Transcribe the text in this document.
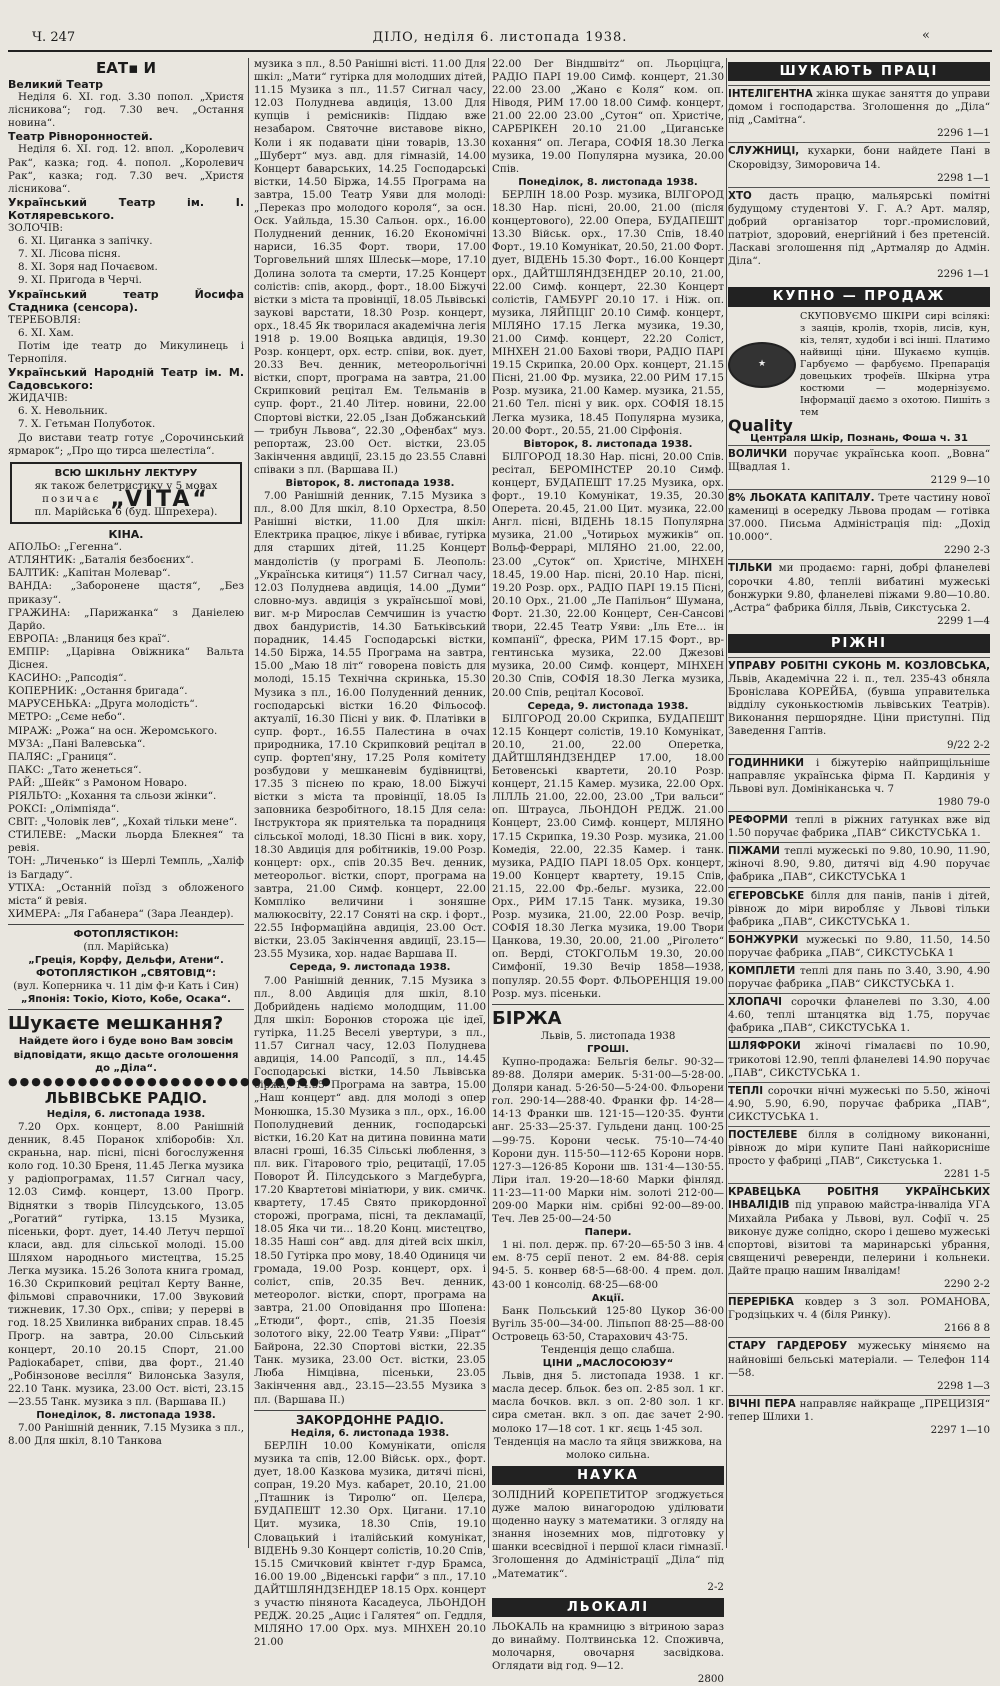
Ч. 247	ДІЛО, неділя 6. листопада 1938.	«
ЕАТ▪ И
Великий Театр
Неділя 6. XI. год. 3.30 попол. „Христя лісникова“; год. 7.30 веч. „Остання новина“.
Театр Рівноронностей.
Неділя 6. XI. год. 12. впол. „Королевич Рак“, казка; год. 4. попол. „Королевич Рак“, казка; год. 7.30 веч. „Христя лісникова“.
Український Театр ім. І. Котляревського.
ЗОЛОЧІВ:
6. XI. Циганка з запічку.
7. XI. Лісова пісня.
8. XI. Зоря над Почаєвом.
9. XI. Пригода в Черчі.
Український театр Йосифа Стадника (сенсора).
ТЕРЕБОВЛЯ:
6. XI. Хам.
Потім іде театр до Микулинець і Тернопіля.
Український Народній Театр ім. М. Садовського:
ЖИДАЧІВ:
6. X. Невольник.
7. X. Гетьман Полуботок.
До вистави театр готує „Сорочинський ярмарок“; „Про що тирса шелестіла“.
ВСЮ ШКІЛЬНУ ЛЕКТУРУ
як також белетристику у 5 мовах
позичає „VITA“
пл. Марійська 6 (буд. Шпрехера).
КІНА.
АПОЛЬО: „Гегенна“.
АТЛЯНТИК: „Баталія безбоєних“.
БАЛТИК: „Капітан Молевар“.
ВАНДА: „Заборонене щастя“, „Без приказу“.
ГРАЖИНА: „Парижанка“ з Даніелею Дарйо.
ЕВРОПА: „Вланиця без краї“.
ЕМПІР: „Царівна Овіжника“ Вальта Діснея.
КАСИНО: „Рапсодія“.
КОПЕРНИК: „Остання бригада“.
МАРУСЕНЬКА: „Друга молодість“.
МЕТРО: „Сєме небо“.
МІРАЖ: „Рожа“ на осн. Жеромського.
МУЗА: „Пані Валевська“.
ПАЛЯС: „Границя“.
ПАКС: „Тато женеться“.
РАЙ: „Шейк“ з Рамоном Новаро.
РІЯЛЬТО: „Кохання та сльози жінки“.
РОКСІ: „Олімпіяда“.
СВІТ: „Чоловік лев“, „Кохай тільки мене“.
СТИЛЕВЕ: „Маски льорда Блекнея“ та ревія.
ТОН: „Личенько“ із Шерлі Темпль, „Халіф із Багдаду“.
УТІХА: „Останній поїзд з обложеного міста“ й ревія.
ХИМЕРА: „Ля Габанера“ (Зара Леандер).
ФОТОПЛЯСТІКОН:
(пл. Марійська)
„Греція, Корфу, Дельфи, Атени“.
ФОТОПЛЯСТІКОН „СВЯТОВІД“:
(вул. Коперника ч. 11 дім ф-и Кать і Син)
„Японія: Токіо, Кіото, Кобе, Осака“.
Шукаєте мешкання?
Найдете його і буде воно Вам зовсім відповідати, якщо дасьте оголошення до „Діла“.
●●●●●●●●●●●●●●●●●●●●●●●●●●●●
ЛЬВІВСЬКЕ РАДІО.
Неділя, 6. листопада 1938.
7.20 Орх. концерт, 8.00 Ранішній денник, 8.45 Поранок хліборобів: Хл. скраньна, нар. пісні, пісні богослуження коло год. 10.30 Бреня, 11.45 Легка музика у радіопрограмах, 11.57 Сигнал часу, 12.03 Симф. концерт, 13.00 Прогр. Віднятки з творів Пілсудського, 13.05 „Рогатий“ гутірка, 13.15 Музика, пісеньки, форт. дует, 14.40 Летуч першої класи, авд. для сільської молоді. 15.00 Шляхом народнього мистецтва, 15.25 Легка музика. 15.26 Золота книга громад, 16.30 Скрипковий рецітал Керту Ванне, фільмові справочники, 17.00 Звуковий тижневик, 17.30 Орх., співи; у перерві в год. 18.25 Хвилинка вибраних справ. 18.45 Прогр. на завтра, 20.00 Сільський концерт, 20.10 20.15 Спорт, 21.00 Радіокабарет, співи, два форт., 21.40 „Робінзонове весілля“ Вилонська Зазуля, 22.10 Танк. музика, 23.00 Ост. вісті, 23.15—23.55 Танк. музика з пл. (Варшава II.)
Понеділок, 8. листопада 1938.
7.00 Ранішній денник, 7.15 Музика з пл., 8.00 Для шкіл, 8.10 Танкова

музика з пл., 8.50 Ранішні вісті. 11.00 Для шкіл: „Мати“ гутірка для молодших дітей, 11.15 Музика з пл., 11.57 Сигнал часу, 12.03 Полуднева авдиція, 13.00 Для купців і ремісників: Піддаю вже незабаром. Святочне виставове вікно, Коли і як подавати ціни товарів, 13.30 „Шуберт“ муз. авд. для гімназій, 14.00 Концерт баварських, 14.25 Господарські вістки, 14.50 Біржа, 14.55 Програма на завтра, 15.00 Театр Уяви для молоді: „Переказ про молодого короля“, за осн. Оск. Уайльда, 15.30 Сальон. орх., 16.00 Полуднений денник, 16.20 Економічні нариси, 16.35 Форт. твори, 17.00 Торговельний шлях Шлеськ—море, 17.10 Долина золота та смерти, 17.25 Концерт солістів: спів, акорд., форт., 18.00 Біжучі вістки з міста та провінції, 18.05 Львівські заукові варстати, 18.30 Розр. концерт, орх., 18.45 Як творилася академічна легія 1918 р. 19.00 Вояцька авдиція, 19.30 Розр. концерт, орх. естр. співи, вок. дует, 20.33 Веч. денник, метеорольогічні вістки, спорт, програма на завтра, 21.00 Скрипковий рецітал Ем. Тельманів в супр. форт., 21.40 Літер. новини, 22.00 Спортові вістки, 22.05 „Ізан Добжанський — трибун Львова“, 22.30 „Офенбах“ муз. репортаж, 23.00 Ост. вістки, 23.05 Закінчення авдиції, 23.15 до 23.55 Славні співаки з пл. (Варшава II.)

Вівторок, 8. листопада 1938.

7.00 Ранішній денник, 7.15 Музика з пл., 8.00 Для шкіл, 8.10 Орхестра, 8.50 Ранішні вістки, 11.00 Для шкіл: Електрика працює, лікує і вбиває, гутірка для старших дітей, 11.25 Концерт мандолістів (у програмі Б. Леополь: „Українська китиця“) 11.57 Сигнал часу, 12.03 Полуднева авдиція, 14.00 „Думи“ словно-муз. авдиція з українсьшої мові, виг. м-р Мирослав Семчишин із участю двох бандуристів, 14.30 Батьківський порадник, 14.45 Господарські вістки, 14.50 Біржа, 14.55 Програма на завтра, 15.00 „Маю 18 літ“ говорена повість для молоді, 15.15 Технічна скринька, 15.30 Музика з пл., 16.00 Полуденний денник, господарські вістки 16.20 Фільософ. актуалії, 16.30 Пісні у вик. Ф. Платівки в супр. форт., 16.55 Палестина в очах природника, 17.10 Скрипковий рецітал в супр. фортеп'яну, 17.25 Роля комітету розбудови у мешканевім будівництві, 17.35 З піснею по краю, 18.00 Біжучі вістки з міста та провінції, 18.05 Із заповника безробітного, 18.15 Для села: Інструктора як приятелька та порадниця сільської молоді, 18.30 Пісні в вик. хору, 18.30 Авдиція для робітників, 19.00 Розр. концерт: орх., спів 20.35 Веч. денник, метеорольог. вістки, спорт, програма на завтра, 21.00 Симф. концерт, 22.00 Компліко величини і зоняшне малюкосвіту, 22.17 Соняті на скр. і форт., 22.55 Інформаційна авдиція, 23.00 Ост. вістки, 23.05 Закінчення авдиції, 23.15—23.55 Музика, хор. надає Варшава II.

Середа, 9. листопада 1938.

7.00 Ранішній денник, 7.15 Музика з пл., 8.00 Авдиція для шкіл, 8.10 Добрийдень надіємо молодщим, 11.00 Для шкіл: Боронюв сторожа ціє ідеї, гутірка, 11.25 Веселі увертури, з пл., 11.57 Сигнал часу, 12.03 Полуднева авдиція, 14.00 Рапсодії, з пл., 14.45 Господарські вістки, 14.50 Львівська біржа, 14.55 Програма на завтра, 15.00 „Наш концерт“ авд. для молоді з опер Монюшка, 15.30 Музика з пл., орх., 16.00 Пополудневий денник, господарські вістки, 16.20 Кат на дитина повинна мати власні грошi, 16.35 Сільські люблення, з пл. вик. Гітарового тріо, рецитації, 17.05 Поворот Й. Пілсудського з Магдебурга, 17.20 Квартетові мініатюри, у вик. смичк. квартету, 17.45 Свято прикордонної сторожі, програма, пісні, та декламації, 18.05 Яка чи ти... 18.20 Конц. мистецтво, 18.35 Наші сон“ авд. для дітей всіх шкіл, 18.50 Гутірка про мову, 18.40 Одиниця чи громада, 19.00 Розр. концерт, орх. і соліст, спів, 20.35 Веч. денник, метеоролог. вістки, спорт, програма на завтра, 21.00 Оповідання про Шопена: „Етюди“, форт., спів, 21.35 Поезія золотого віку, 22.00 Театр Уяви: „Пірат“ Байрона, 22.30 Спортові вістки, 22.35 Танк. музика, 23.00 Ост. вістки, 23.05 Люба Німцівна, пісеньки, 23.05 Закінчення авд., 23.15—23.55 Музика з пл. (Варшава II.)

ЗАКОРДОННЕ РАДІО.
Неділя, 6. листопада 1938.

БЕРЛІН 10.00 Комунікати, опісля музика та спів, 12.00 Військ. орх., форт. дует, 18.00 Казкова музика, дитячі пісні, сопран, 19.20 Муз. кабарет, 20.10, 21.00 „Пташник із Тиролю“ оп. Целєра, БУДАПЕШТ 12.30 Орх. Цигани. 17.10 Цит. музика, 18.30 Спів, 19.10 Словацький і італійський комунікат, ВІДЕНЬ 9.30 Концерт солістів, 10.20 Спів, 15.15 Смичковий квінтет г-дур Брамса, 16.00 19.00 „Віденські гарфи“ з пл., 17.10 ДАЙТШЛЯНДЗЕНДЕР 18.15 Орх. концерт з участю пінянота Касадеуса, ЛЬОНДОН РЕДЖ. 20.25 „Ацис і Галятея“ оп. Геддля, МІЛЯНО 17.00 Орх. муз. МІНХЕН 20.10 21.00

22.00 Der Віндшвітz“ оп. Льорціцга, РАДІО ПАРІ 19.00 Симф. концерт, 21.30 22.00 23.00 „Жано є Коля“ ком. оп. Ніводя, РИМ 17.00 18.00 Симф. концерт, 21.00 22.00 23.00 „Сутон“ оп. Христіче, САРБРІКЕН 20.10 21.00 „Циганське кохання“ оп. Легара, СОФІЯ 18.30 Легка музика, 19.00 Популярна музика, 20.00 Спів.

Понеділок, 8. листопада 1938.

БЕРЛІН 18.00 Розр. музика, ВІЛГОРОД 18.30 Нар. пісні, 20.00, 21.00 (після концертового), 22.00 Опера, БУДАПЕШТ 13.30 Військ. орх., 17.30 Спів, 18.40 Форт., 19.10 Комунікат, 20.50, 21.00 Форт. дует, ВІДЕНЬ 15.30 Форт., 16.00 Концерт орх., ДАЙТШЛЯНДЗЕНДЕР 20.10, 21.00, 22.00 Симф. концерт, 22.30 Концерт солістів, ГАМБУРГ 20.10 17. і Ніж. оп. музика, ЛЯЙПЦІГ 20.10 Симф. концерт, МІЛЯНО 17.15 Легка музика, 19.30, 21.00 Симф. концерт, 22.20 Соліст, МІНХЕН 21.00 Бахові твори, РАДІО ПАРІ 19.15 Скрипка, 20.00 Орх. концерт, 21.15 Пісні, 21.00 Фр. музика, 22.00 РИМ 17.15 Розр. музика, 21.00 Камер. музика, 21.55, 21.60 Тел. пісні у вик. орх. СОФІЯ 18.15 Легка музика, 18.45 Популярна музика, 20.00 Форт., 20.55, 21.00 Сірфонія.

Вівторок, 8. листопада 1938.

БІЛГОРОД 18.30 Нар. пісні, 20.00 Спів. ресітал, БЕРОМІНСТЕР 20.10 Симф. концерт, БУДАПЕШТ 17.25 Музика, орх. форт., 19.10 Комунікат, 19.35, 20.30 Оперета. 20.45, 21.00 Цит. музика, 22.00 Англ. пісні, ВІДЕНЬ 18.15 Популярна музика, 21.00 „Чотирьох мужиків“ оп. Вольф-Феррарі, МІЛЯНО 21.00, 22.00, 23.00 „Суток“ оп. Христіче, МІНХЕН 18.45, 19.00 Нар. пісні, 20.10 Нар. пісні, 19.20 Розр. орх., РАДІО ПАРІ 19.15 Пісні, 20.10 Орх., 21.00 „Ле Папільон“ Шумана, Форт. 21.30, 22.00 Концерт, Сен-Сансові твори, 22.45 Театр Уяви: „Іль Ете... ін компанії“, фреска, РИМ 17.15 Форт., вр-гентинська музика, 22.00 Джезові музика, 20.00 Симф. концерт, МІНХЕН 20.30 Спів, СОФІЯ 18.30 Легка музика, 20.00 Спів, рецітал Косової.

Середа, 9. листопада 1938.

БІЛГОРОД 20.00 Скрипка, БУДАПЕШТ 12.15 Концерт солістів, 19.10 Комунікат, 20.10, 21.00, 22.00 Оперетка, ДАЙТШЛЯНДЗЕНДЕР 17.00, 18.00 Бетовенські квартети, 20.10 Розр. концерт, 21.15 Камер. музика, 22.00 Орх. ЛІЛЛЬ 21.00, 22.00, 23.00 „Три вальси“ оп. Штрауса, ЛЬОНДОН РЕДЖ. 21.00 Концерт, 23.00 Симф. концерт, МІЛЯНО 17.15 Скрипка, 19.30 Розр. музика, 21.00 Комедія, 22.00, 22.35 Камер. і танк. музика, РАДІО ПАРІ 18.05 Орх. концерт, 19.00 Концерт квартету, 19.15 Спів, 21.15, 22.00 Фр.-бельг. музика, 22.00 Орх., РИМ 17.15 Танк. музика, 19.30 Розр. музика, 21.00, 22.00 Розр. вечір, СОФІЯ 18.30 Легка музика, 19.00 Твори Цанкова, 19.30, 20.00, 21.00 „Ріголето“ оп. Верді, СТОКГОЛЬМ 19.30, 20.00 Симфонії, 19.30 Вечір 1858—1938, популяр. 20.55 Форт. ФЛЬОРЕНЦІЯ 19.00 Розр. муз. пісеньки.

БІРЖА
Львів, 5. листопада 1938
ГРОШІ.

Купно-продажа: Бельгія бельг. 90·32—89·88. Доляри америк. 5·31·00—5·28·00. Доляри канад. 5·26·50—5·24·00. Фльорени гол. 290·14—288·40. Франки фр. 14·28—14·13 Франки шв. 121·15—120·35. Фунти анг. 25·33—25·37. Гульдени данц. 100·25—99·75. Корони чеськ. 75·10—74·40 Корони дун. 115·50—112·65 Корони норв. 127·3—126·85 Корони шв. 131·4—130·55. Ліри італ. 19·20—18·60 Марки фінляд. 11·23—11·00 Марки нім. золоті 212·00—209·00 Марки нім. срібні 92·00—89·00. Теч. Лев 25·00—24·50

Папери.

1 ні. пол. держ. пр. 67·20—65·50 3 інв. 4 ем. 8·75 серії пенот. 2 ем. 84·88. серія 94·5. 5. конвер 68·5—68·00. 4 прем. дол. 43·00 1 консолід. 68·25—68·00

Акції.

Банк Польський 125·80 Цукор 36·00 Вугіль 35·00—34·00. Ліпьпоп 88·25—88·00 Островець 63·50, Старахович 43·75.

Тенденція дещо слабша.
ЦІНИ „МАСЛОСОЮЗУ“

Львів, дня 5. листопада 1938. 1 кг. масла десер. бльок. без оп. 2·85 зол. 1 кг. масла бочков. вкл. з оп. 2·80 зол. 1 кг. сира сметан. вкл. з оп. дає зачет 2·90. молоко 17—18 сот. 1 кг. яєць 1·45 зол.

Тенденція на масло та яйця звижкова, на молоко сильна.
НАУКА

ЗОЛІДНИЙ КОРЕПЕТИТОР згоджується дуже малою винагородою уділювати щоденно науку з математики. З огляду на знання іноземних мов, підготовку у шанки всесвідної і першої класи гімназії. Зголошення до Адміністрації „Діла“ під „Математик“.

2-2
ЛЬОКАЛІ

ЛЬОКАЛЬ на крамницю з вітриною зараз до винайму. Полтвинська 12. Споживча, молочарня, овочарня засвідкова. Оглядати від год. 9—12.

2800
ШУКАЮТЬ ПРАЦІ

ІНТЕЛІГЕНТНА жінка шукає заняття до управи домом і господарства. Зголошення до „Діла“ під „Самітна“.

2296 1—1

СЛУЖНИЦІ, кухарки, бони найдете Пані в Скоровідзу, Зиморовича 14.

2298 1—1

ХТО дасть працю, мальярські помітні будущому студентові У. Г. А.? Арт. маляр, добрий організатор торг.-промисловий, патріот, здоровий, енергійний і без претенсій. Ласкаві зголошення під „Артмаляр до Адмін. Діла“.

2296 1—1
КУПНО — ПРОДАЖ
★

СКУПОВУЄМО ШКІРИ сирі всілякі: з заяців, кролів, тхорів, лисів, кун, кіз, телят, худоби і всі інші. Платимо найвищі ціни. Шукаємо купців. Гарбуємо — фарбуємо. Препарація довецьких трофеїв. Шкірна утра костюми — модернізуємо. Інформації даємо з охотою. Пишіть з тем

Quality
Централя Шкір, Познань, Фоша ч. 31

ВОЛИЧКИ поручає українська кооп. „Вовна“ Щвадлая 1.

2129 9—10

8% ЛЬОКАТА КАПІТАЛУ. Трете частину нової камениці в осередку Львова продам — готівка 37.000. Письма Адміністрація під: „Дохід 10.000“.

2290 2-3

ТІЛЬКИ ми продаємо: гарні, добрі фланелеві сорочки 4.80, тепліі вибатині мужеські бонжурки 9.80, фланелеві піжами 9.80—10.80. „Астра“ фабрика білля, Львів, Сикстуська 2.

2299 1—4
РІЖНІ

УПРАВУ РОБІТНІ СУКОНЬ М. КОЗЛОВСЬКА, Львів, Академічна 22 і. п., тел. 235-43 обняла Броніслава КОРЕЙБА, (бувша управителька відділу суконькостюмів львівських Театрів). Виконання першорядне. Ціни приступні. Під Заведення Гаптів.

9/22 2-2

ГОДИННИКИ і біжутерію найприщільніше направляє українська фірма П. Кардинія у Львові вул. Домініканська ч. 7

1980 79-0

РЕФОРМИ теплі в ріжних гатунках вже від 1.50 поручає фабрика „ПАВ“ СИКСТУСЬКА 1.

ПІЖАМИ теплі мужеські по 9.80, 10.90, 11.90, жіночі 8.90, 9.80, дитячі від 4.90 поручає фабрика „ПАВ“, СИКСТУСЬКА 1

ЄГЕРОВСЬКЕ білля для панів, панів і дітей, рівнож до міри виробляє у Львові тільки фабрика „ПАВ“, СИКСТУСЬКА 1.

БОНЖУРКИ мужеські по 9.80, 11.50, 14.50 поручає фабрика „ПАВ“, СИКСТУСЬКА 1

КОМПЛЕТИ теплі для пань по 3.40, 3.90, 4.90 поручає фабрика „ПАВ“ СИКСТУСЬКА 1.

ХЛОПАЧІ сорочки фланелеві по 3.30, 4.00 4.60, теплі штанцятка від 1.75, поручає фабрика „ПАВ“, СИКСТУСЬКА 1.

ШЛЯФРОКИ жіночі гімалаєві по 10.90, трикотові 12.90, теплі фланелеві 14.90 поручає „ПАВ“, СИКСТУСЬКА 1.

ТЕПЛІ сорочки нічні мужеські по 5.50, жіночі 4.90, 5.90, 6.90, поручає фабрика „ПАВ“, СИКСТУСЬКА 1.

ПОСТЕЛЕВЕ білля в солідному виконанні, рівнож до міри купите Пані найкорисніше просто у фабриці „ПАВ“, Сикстуська 1.

2281 1-5

КРАВЕЦЬКА РОБІТНЯ УКРАЇНСЬКИХ ІНВАЛІДІВ під управою майстра-інваліда УГА Михайла Рибака у Львові, вул. Софії ч. 25 виконує дуже солідно, скоро і дешево мужеські спортові, візитові та маринарські убрання, священичі реверенди, пелерини і кольнеки. Дайте працю нашим Інвалідам!

2290 2-2

ПЕРЕРІБКА ковдер з 3 зол. РОМАНОВА, Гродзіцьких ч. 4 (біля Ринку).

2166 8 8

СТАРУ ГАРДЕРОБУ мужеську міняємо на найновіші бельські матеріали. — Телефон 114—58.

2298 1—3

ВІЧНІ ПЕРА направляє найкраще „ПРЕЦИЗІЯ“ тепер Шлихи 1.

2297 1—10
